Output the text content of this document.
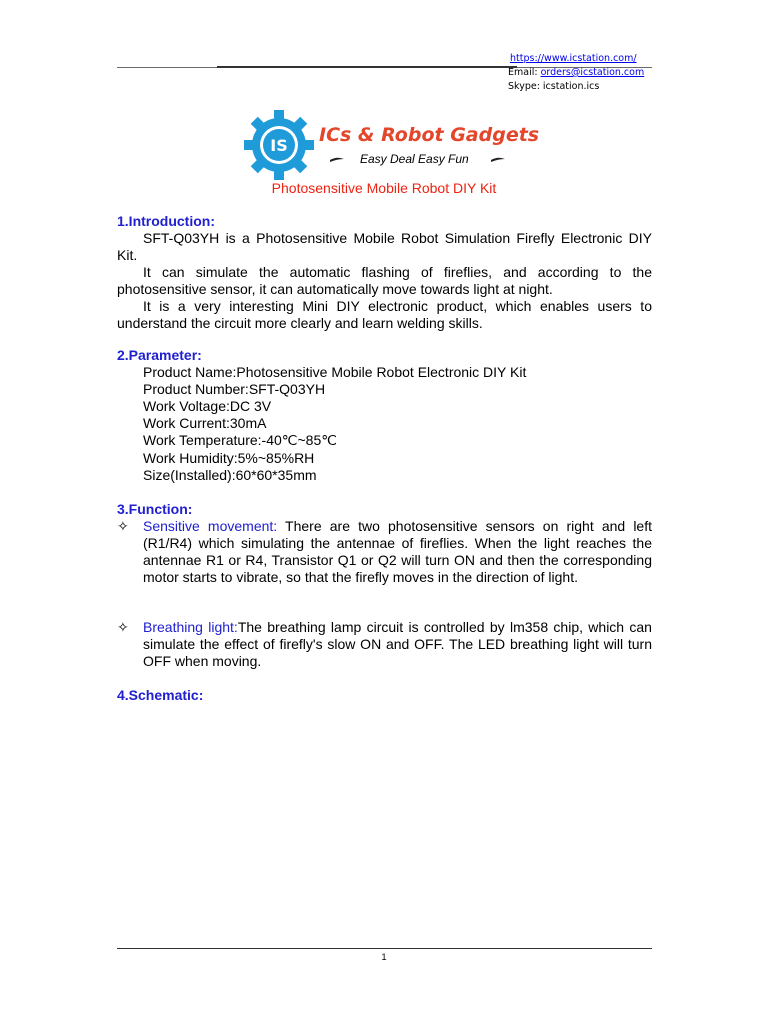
https://www.icstation.com/
Email: orders@icstation.com
Skype: icstation.ics
IS ICs & Robot Gadgets
Easy Deal Easy Fun
Photosensitive Mobile Robot DIY Kit
1.Introduction:
SFT-Q03YH is a Photosensitive Mobile Robot Simulation Firefly Electronic DIY Kit.
It can simulate the automatic flashing of fireflies, and according to the photosensitive sensor, it can automatically move towards light at night.
It is a very interesting Mini DIY electronic product, which enables users to understand the circuit more clearly and learn welding skills.
2.Parameter:
Product Name:Photosensitive Mobile Robot Electronic DIY Kit
Product Number:SFT-Q03YH
Work Voltage:DC 3V
Work Current:30mA
Work Temperature:-40℃~85℃
Work Humidity:5%~85%RH
Size(Installed):60*60*35mm
3.Function:
✧	Sensitive movement: There are two photosensitive sensors on right and left (R1/R4) which simulating the antennae of fireflies. When the light reaches the antennae R1 or R4, Transistor Q1 or Q2 will turn ON and then the corresponding motor starts to vibrate, so that the firefly moves in the direction of light.
✧	Breathing light:The breathing lamp circuit is controlled by lm358 chip, which can simulate the effect of firefly's slow ON and OFF. The LED breathing light will turn OFF when moving.
4.Schematic:
1
